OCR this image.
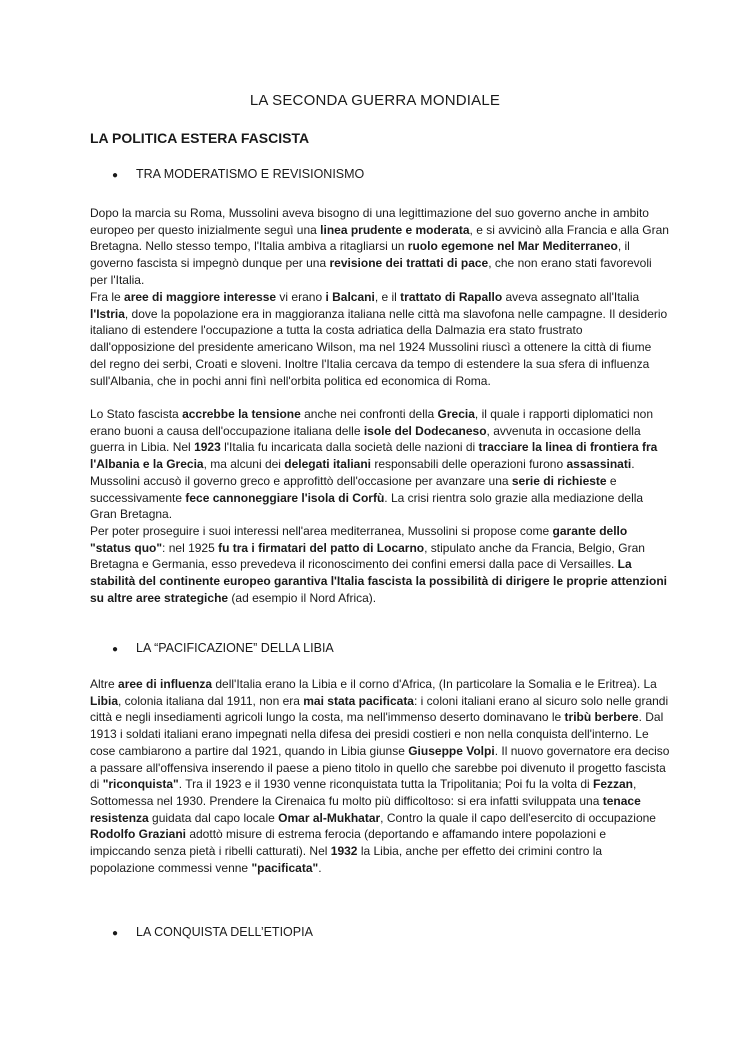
LA SECONDA GUERRA MONDIALE
LA POLITICA ESTERA FASCISTA
● TRA MODERATISMO E REVISIONISMO

Dopo la marcia su Roma, Mussolini aveva bisogno di una legittimazione del suo governo anche in ambito europeo per questo inizialmente seguì una linea prudente e moderata, e si avvicinò alla Francia e alla Gran Bretagna. Nello stesso tempo, l'Italia ambiva a ritagliarsi un ruolo egemone nel Mar Mediterraneo, il governo fascista si impegnò dunque per una revisione dei trattati di pace, che non erano stati favorevoli per l'Italia.

Fra le aree di maggiore interesse vi erano i Balcani, e il trattato di Rapallo aveva assegnato all'Italia l'Istria, dove la popolazione era in maggioranza italiana nelle città ma slavofona nelle campagne. Il desiderio italiano di estendere l'occupazione a tutta la costa adriatica della Dalmazia era stato frustrato dall'opposizione del presidente americano Wilson, ma nel 1924 Mussolini riuscì a ottenere la città di fiume del regno dei serbi, Croati e sloveni. Inoltre l'Italia cercava da tempo di estendere la sua sfera di influenza sull'Albania, che in pochi anni finì nell'orbita politica ed economica di Roma.

Lo Stato fascista accrebbe la tensione anche nei confronti della Grecia, il quale i rapporti diplomatici non erano buoni a causa dell'occupazione italiana delle isole del Dodecaneso, avvenuta in occasione della guerra in Libia. Nel 1923 l'Italia fu incaricata dalla società delle nazioni di tracciare la linea di frontiera fra l'Albania e la Grecia, ma alcuni dei delegati italiani responsabili delle operazioni furono assassinati. Mussolini accusò il governo greco e approfittò dell'occasione per avanzare una serie di richieste e successivamente fece cannoneggiare l'isola di Corfù. La crisi rientra solo grazie alla mediazione della Gran Bretagna.

Per poter proseguire i suoi interessi nell'area mediterranea, Mussolini si propose come garante dello "status quo": nel 1925 fu tra i firmatari del patto di Locarno, stipulato anche da Francia, Belgio, Gran Bretagna e Germania, esso prevedeva il riconoscimento dei confini emersi dalla pace di Versailles. La stabilità del continente europeo garantiva l'Italia fascista la possibilità di dirigere le proprie attenzioni su altre aree strategiche (ad esempio il Nord Africa).

● LA “PACIFICAZIONE” DELLA LIBIA

Altre aree di influenza dell'Italia erano la Libia e il corno d'Africa, (In particolare la Somalia e le Eritrea). La Libia, colonia italiana dal 1911, non era mai stata pacificata: i coloni italiani erano al sicuro solo nelle grandi città e negli insediamenti agricoli lungo la costa, ma nell'immenso deserto dominavano le tribù berbere. Dal 1913 i soldati italiani erano impegnati nella difesa dei presidi costieri e non nella conquista dell'interno. Le cose cambiarono a partire dal 1921, quando in Libia giunse Giuseppe Volpi. Il nuovo governatore era deciso a passare all'offensiva inserendo il paese a pieno titolo in quello che sarebbe poi divenuto il progetto fascista di "riconquista". Tra il 1923 e il 1930 venne riconquistata tutta la Tripolitania; Poi fu la volta di Fezzan, Sottomessa nel 1930. Prendere la Cirenaica fu molto più difficoltoso: si era infatti sviluppata una tenace resistenza guidata dal capo locale Omar al-Mukhatar, Contro la quale il capo dell'esercito di occupazione Rodolfo Graziani adottò misure di estrema ferocia (deportando e affamando intere popolazioni e impiccando senza pietà i ribelli catturati). Nel 1932 la Libia, anche per effetto dei crimini contro la popolazione commessi venne "pacificata".

● LA CONQUISTA DELL’ETIOPIA
